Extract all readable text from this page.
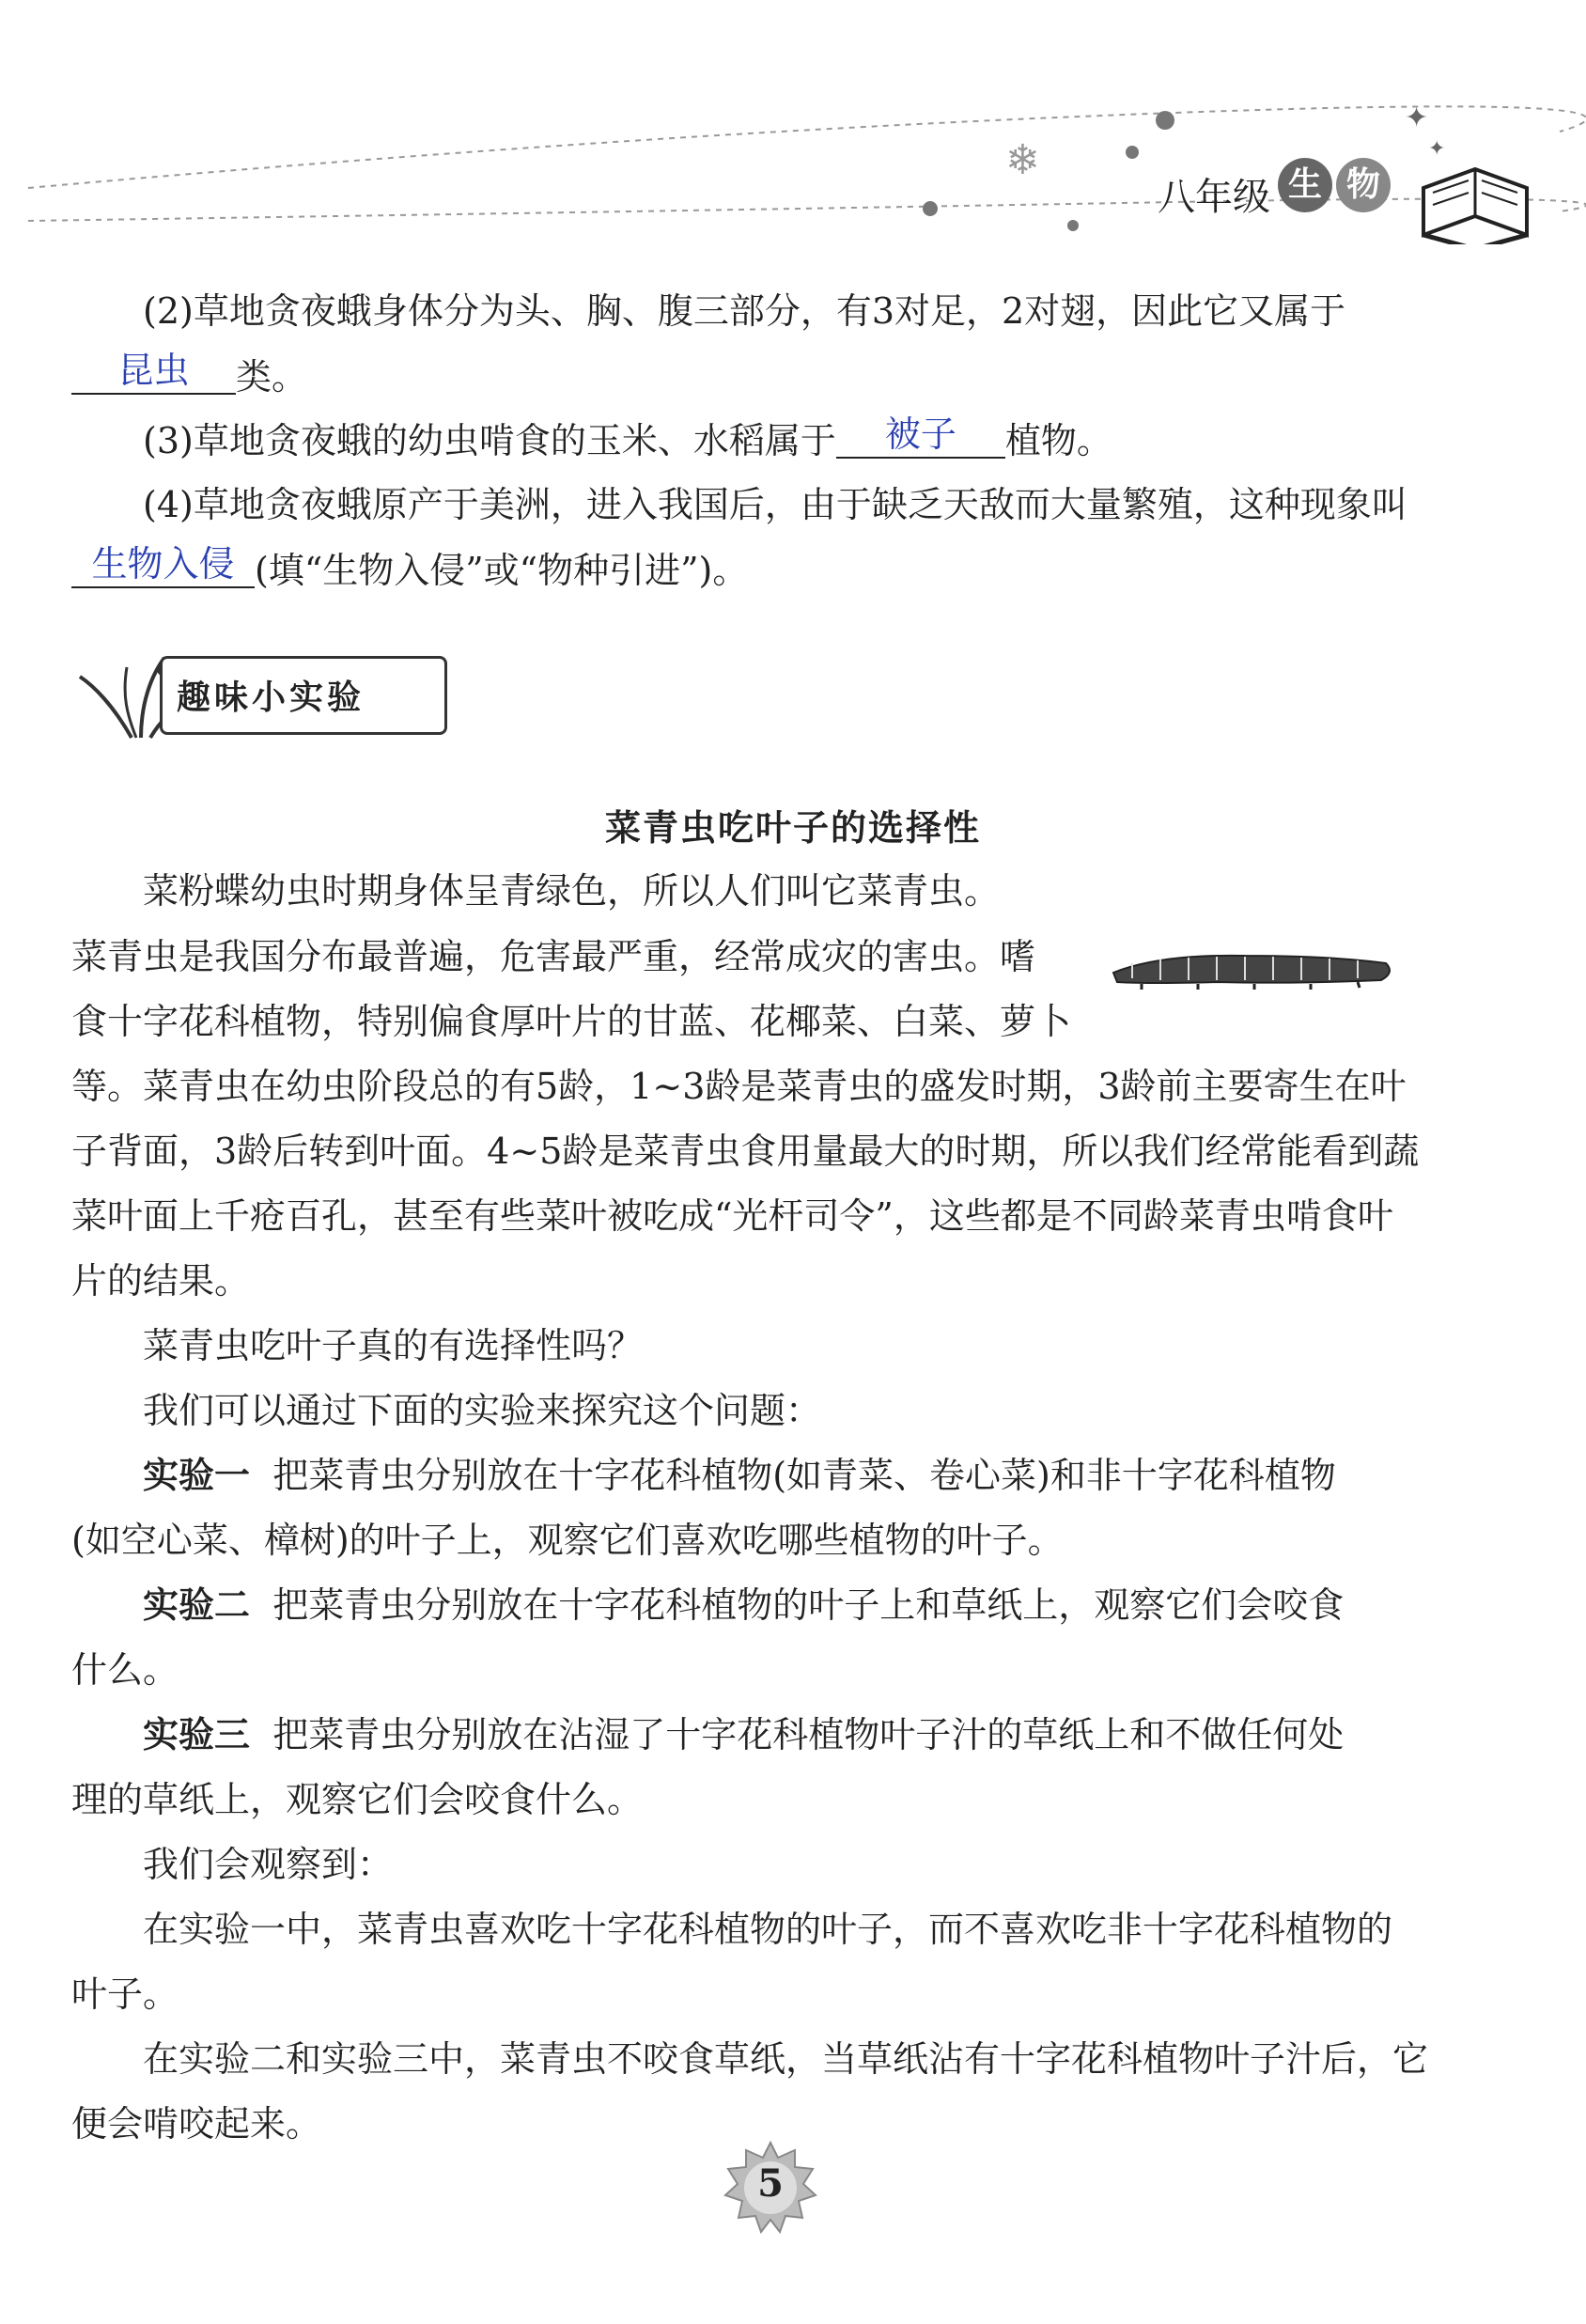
✦
✦
❄
八年级 生 物
(2)草地贪夜蛾身体分为头、胸、腹三部分，有3对足，2对翅，因此它又属于
昆虫	类。
(3)草地贪夜蛾的幼虫啃食的玉米、水稻属于	被子	植物。
(4)草地贪夜蛾原产于美洲，进入我国后，由于缺乏天敌而大量繁殖，这种现象叫
生物入侵 (填“生物入侵”或“物种引进”)。
趣味小实验
菜青虫吃叶子的选择性
菜粉蝶幼虫时期身体呈青绿色，所以人们叫它菜青虫。
菜青虫是我国分布最普遍，危害最严重，经常成灾的害虫。嗜
食十字花科植物，特别偏食厚叶片的甘蓝、花椰菜、白菜、萝卜
等。菜青虫在幼虫阶段总的有5龄，1~3龄是菜青虫的盛发时期，3龄前主要寄生在叶
子背面，3龄后转到叶面。4~5龄是菜青虫食用量最大的时期，所以我们经常能看到蔬
菜叶面上千疮百孔，甚至有些菜叶被吃成“光杆司令”，这些都是不同龄菜青虫啃食叶
片的结果。
菜青虫吃叶子真的有选择性吗？
我们可以通过下面的实验来探究这个问题：
实验一 把菜青虫分别放在十字花科植物(如青菜、卷心菜)和非十字花科植物
(如空心菜、樟树)的叶子上，观察它们喜欢吃哪些植物的叶子。
实验二 把菜青虫分别放在十字花科植物的叶子上和草纸上，观察它们会咬食
什么。
实验三 把菜青虫分别放在沾湿了十字花科植物叶子汁的草纸上和不做任何处
理的草纸上，观察它们会咬食什么。
我们会观察到：
在实验一中，菜青虫喜欢吃十字花科植物的叶子，而不喜欢吃非十字花科植物的
叶子。
在实验二和实验三中，菜青虫不咬食草纸，当草纸沾有十字花科植物叶子汁后，它
便会啃咬起来。
5
